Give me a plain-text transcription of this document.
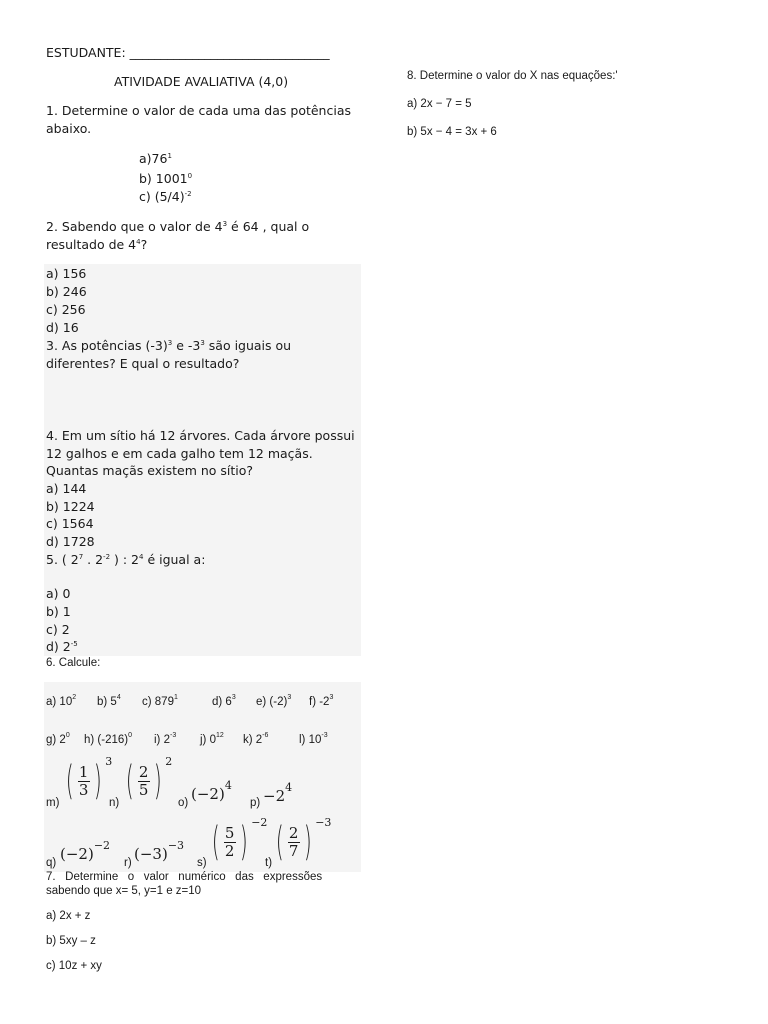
ESTUDANTE: ________________________________
ATIVIDADE AVALIATIVA (4,0)
1. Determine o valor de cada uma das potências abaixo.
$a)76^1$
b) 1001$^0$
c) $(5/4)^{-2}$
2. Sabendo que o valor de $4^3$ é 64 , qual o
resultado de $4^4$?
a) 156
b) 246
c) 256
d) 16
3. As potências $(-3)^3$ e $-3^3$ são iguais ou
diferentes? E qual o resultado?
4. Em um sítio há 12 árvores. Cada árvore possui
12 galhos e em cada galho tem 12 maçãs.
Quantas maçãs existem no sítio?
a) 144
b) 1224
c) 1564
d) 1728
5. ( $2^7$ . $2^{-2}$ ) : $2^4$ é igual a:
a) 0
b) 1
c) 2
d) $2^{-5}$
6. Calcule:
a) $10^2$ b) $5^4$ c) $879^1$	d) $6^3$ e) $(-2)^3$ f) $-2^3$
g) $2^0$ h) $(-216)^0$ i) $2^{-3}$ j) $0^{12}$ k) $2^{-6}$	l) $10^{-3}$
m) ( $\frac{1}{3}$ ) $^3$
n) ( $\frac{2}{5}$ ) $^2$
o) $(-2)^4$
$p) -2^4$
q) $(-2)^{-2}$
r) $(-3)^{-3}$
s) ( $\frac{5}{2}$ ) $^{-2}$
t) ( $\frac{2}{7}$ ) $^{-3}$
7.   Determine   o   valor   numérico   das   expressões
sabendo que x= 5, y=1 e z=10
a) 2x + z
b) 5xy – z
c) 10z + xy
8. Determine o valor do X nas equações:'
a) 2x − 7 = 5
b) 5x − 4 = 3x + 6
